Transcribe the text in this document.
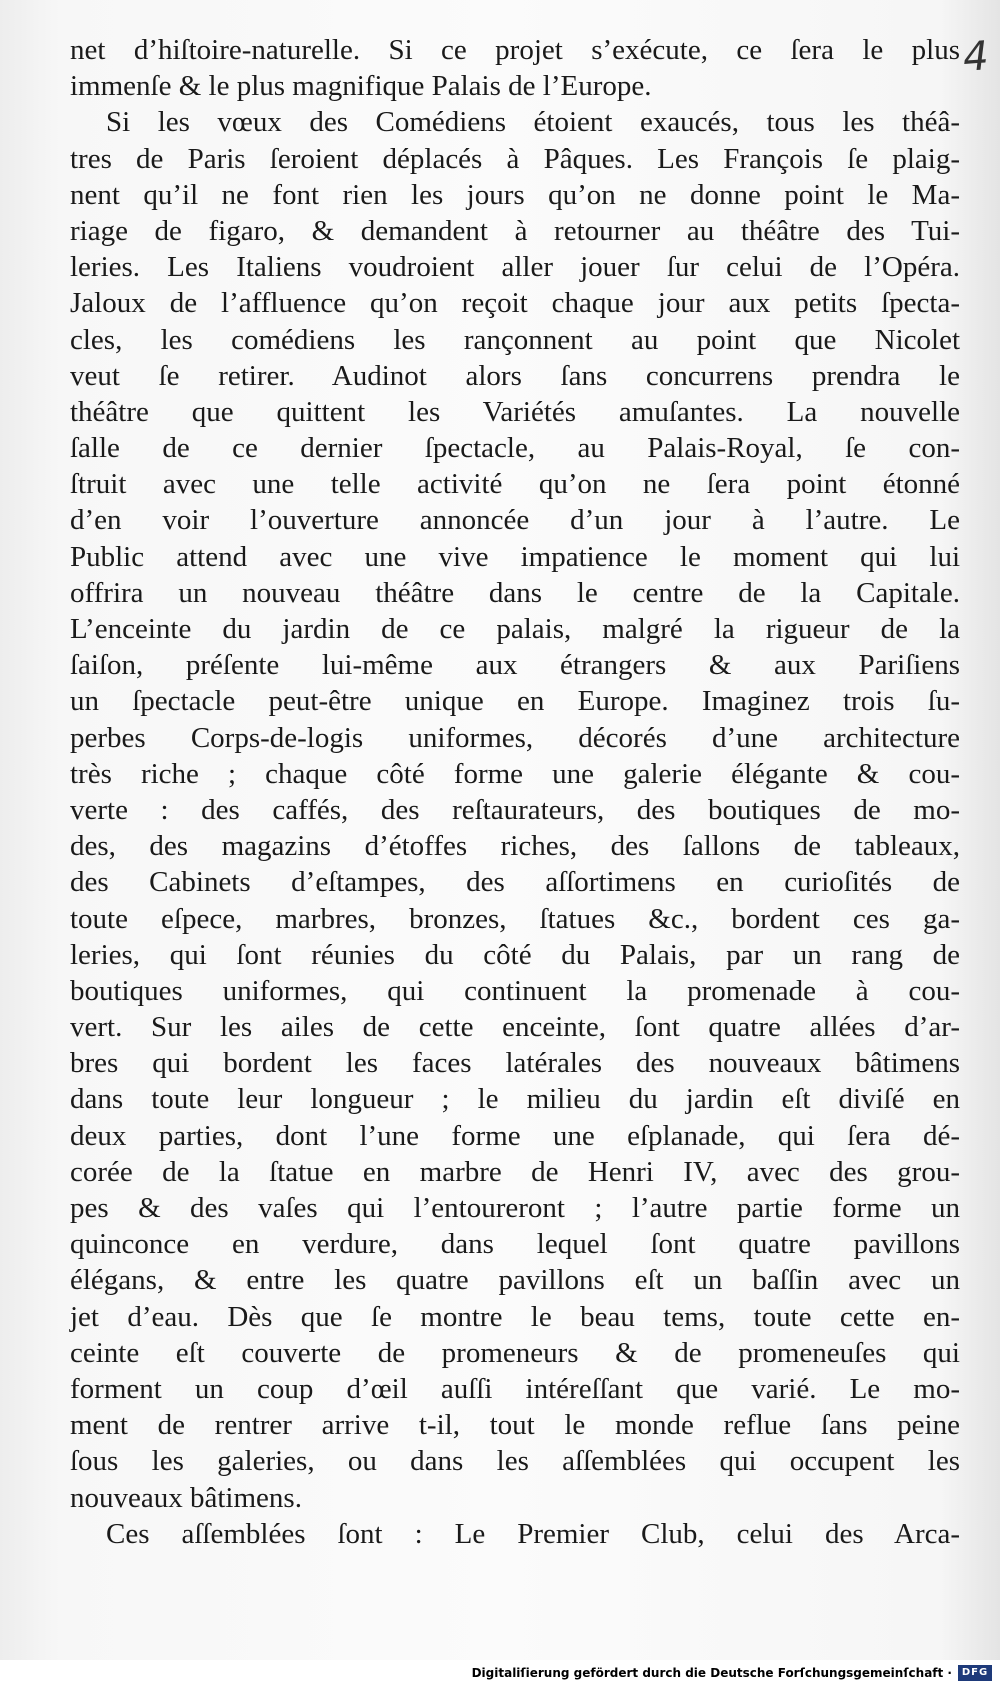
4
net d’hiſtoire-naturelle. Si ce projet s’exécute, ce ſera le plus
immenſe & le plus magnifique Palais de l’Europe.
Si les vœux des Comédiens étoient exaucés, tous les théâ-
tres de Paris ſeroient déplacés à Pâques. Les François ſe plaig-
nent qu’il ne font rien les jours qu’on ne donne point le Ma-
riage de figaro, & demandent à retourner au théâtre des Tui-
leries. Les Italiens voudroient aller jouer ſur celui de l’Opéra.
Jaloux de l’affluence qu’on reçoit chaque jour aux petits ſpecta-
cles, les comédiens les rançonnent au point que Nicolet
veut ſe retirer. Audinot alors ſans concurrens prendra le
théâtre que quittent les Variétés amuſantes. La nouvelle
ſalle de ce dernier ſpectacle, au Palais-Royal, ſe con-
ſtruit avec une telle activité qu’on ne ſera point étonné
d’en voir l’ouverture annoncée d’un jour à l’autre. Le
Public attend avec une vive impatience le moment qui lui
offrira un nouveau théâtre dans le centre de la Capitale.
L’enceinte du jardin de ce palais, malgré la rigueur de la
ſaiſon, préſente lui-même aux étrangers & aux Pariſiens
un ſpectacle peut-être unique en Europe. Imaginez trois ſu-
perbes Corps-de-logis uniformes, décorés d’une architecture
très riche ; chaque côté forme une galerie élégante & cou-
verte : des caffés, des reſtaurateurs, des boutiques de mo-
des, des magazins d’étoffes riches, des ſallons de tableaux,
des Cabinets d’eſtampes, des aſſortimens en curioſités de
toute eſpece, marbres, bronzes, ſtatues &c., bordent ces ga-
leries, qui ſont réunies du côté du Palais, par un rang de
boutiques uniformes, qui continuent la promenade à cou-
vert. Sur les ailes de cette enceinte, ſont quatre allées d’ar-
bres qui bordent les faces latérales des nouveaux bâtimens
dans toute leur longueur ; le milieu du jardin eſt diviſé en
deux parties, dont l’une forme une eſplanade, qui ſera dé-
corée de la ſtatue en marbre de Henri IV, avec des grou-
pes & des vaſes qui l’entoureront ; l’autre partie forme un
quinconce en verdure, dans lequel ſont quatre pavillons
élégans, & entre les quatre pavillons eſt un baſſin avec un
jet d’eau. Dès que ſe montre le beau tems, toute cette en-
ceinte eſt couverte de promeneurs & de promeneuſes qui
forment un coup d’œil auſſi intéreſſant que varié. Le mo-
ment de rentrer arrive t-il, tout le monde reflue ſans peine
ſous les galeries, ou dans les aſſemblées qui occupent les
nouveaux bâtimens.
Ces aſſemblées ſont : Le Premier Club, celui des Arca-
Digitaliſierung gefördert durch die Deutsche Forſchungsgemeinſchaft · DFG
